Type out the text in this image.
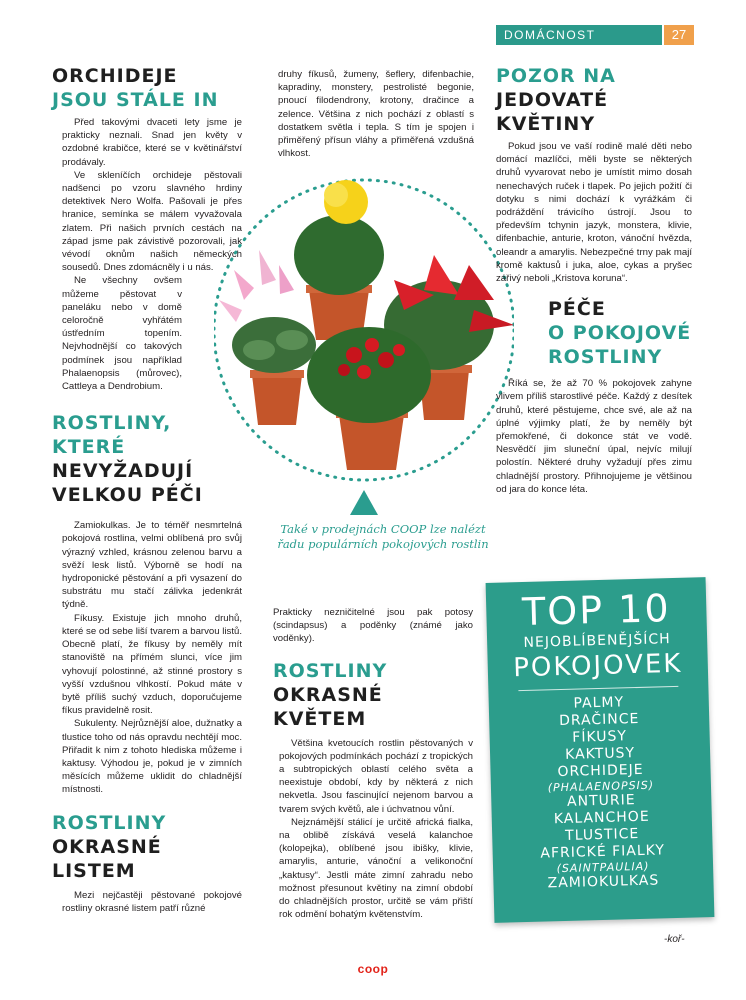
DOMÁCNOST	27
ORCHIDEJE
JSOU STÁLE IN

Před takovými dvaceti lety jsme je prakticky neznali. Snad jen květy v ozdobné krabičce, které se v květinářství prodávaly.

Ve skleníčích orchideje pěstovali nadšenci po vzoru slavného hrdiny detektivek Nero Wolfa. Pašovali je přes hranice, semínka se málem vyvažovala zlatem. Při našich prvních cestách na západ jsme pak závistivě pozorovali, jak vévodí oknům našich německých sousedů. Dnes zdomácněly i u nás.

Ne všechny ovšem můžeme pěstovat v paneláku nebo v domě celoročně vyhřátém ústředním topením. Nejvhodnější co takových podmínek jsou například Phalaenopsis (můrovec), Cattleya a Dendrobium.

ROSTLINY,
KTERÉ
NEVYŽADUJÍ
VELKOU PÉČI

Zamiokulkas. Je to téměř nesmrtelná pokojová rostlina, velmi oblíbená pro svůj výrazný vzhled, krásnou zelenou barvu a svěží lesk listů. Výborně se hodí na hydroponické pěstování a při vysazení do substrátu mu stačí zálivka jedenkrát týdně.

Fíkusy. Existuje jich mnoho druhů, které se od sebe liší tvarem a barvou listů. Obecně platí, že fíkusy by neměly mít stanoviště na přímém slunci, více jim vyhovují polostinné, až stinné prostory s vyšší vzdušnou vlhkostí. Pokud máte v bytě příliš suchý vzduch, doporučujeme fíkus pravidelně rosit.

Sukulenty. Nejrůznější aloe, dužnatky a tlustice toho od nás opravdu nechtějí moc. Přiřadit k nim z tohoto hlediska můžeme i kaktusy. Výhodou je, pokud je v zimních měsících můžeme uklidit do chladnější místnosti.

ROSTLINY
OKRASNÉ LISTEM

Mezi nejčastěji pěstované pokojové rostliny okrasné listem patří různé

druhy fíkusů, žumeny, šeflery, difenbachie, kapradiny, monstery, pestrolisté begonie, pnoucí filodendrony, krotony, dračince a zelence. Většina z nich pochází z oblastí s dostatkem světla i tepla. S tím je spojen i přiměřený přísun vláhy a přiměřená vzdušná vlhkost.

Také v prodejnách COOP lze nalézt řadu populárních pokojových rostlin

Prakticky nezničitelné jsou pak potosy (scindapsus) a poděnky (známé jako voděnky).

ROSTLINY
OKRASNÉ KVĚTEM

Většina kvetoucích rostlin pěstovaných v pokojových podmínkách pochází z tropických a subtropických oblastí celého světa a neexistuje období, kdy by některá z nich nekvetla. Jsou fascinující nejenom barvou a tvarem svých květů, ale i úchvatnou vůní.

Nejznámější stálicí je určitě africká fialka, na oblibě získává veselá kalanchoe (kolopejka), oblíbené jsou ibišky, klivie, amarylis, anturie, vánoční a velikonoční „kaktusy“. Jestli máte zimní zahradu nebo možnost přesunout květiny na zimní období do chladnějších prostor, určitě se vám přiští rok odmění bohatým květenstvím.

POZOR NA
JEDOVATÉ KVĚTINY

Pokud jsou ve vaší rodině malé děti nebo domácí mazlíčci, měli byste se některých druhů vyvarovat nebo je umístit mimo dosah nenechavých ruček i tlapek. Po jejich požití či dotyku s nimi dochází k vyrážkám či podráždění trávicího ústrojí. Jsou to především tchynin jazyk, monstera, klivie, difenbachie, anturie, kroton, vánoční hvězda, oleandr a amarylis. Nebezpečné trny pak mají kromě kaktusů i juka, aloe, cykas a pryšec zářivý neboli „Kristova koruna“.

PÉČE
O POKOJOVÉ
ROSTLINY

Říká se, že až 70 % pokojovek zahyne vlivem příliš starostlivé péče. Každý z desítek druhů, které pěstujeme, chce své, ale až na úplné výjimky platí, že by neměly být přemokřené, či dokonce stát ve vodě. Nesvědčí jim sluneční úpal, nejvíc milují polostín. Některé druhy vyžadují přes zimu chladnější prostory. Přihnojujeme je většinou od jara do konce léta.

TOP 10
NEJOBLÍBENĚJŠÍCH
POKOJOVEK
PALMY
DRAČINCE
FÍKUSY
KAKTUSY
ORCHIDEJE
(PHALAENOPSIS)
ANTURIE
KALANCHOE
TLUSTICE
AFRICKÉ FIALKY
(SAINTPAULIA)
ZAMIOKULKAS
-koř-
coop
